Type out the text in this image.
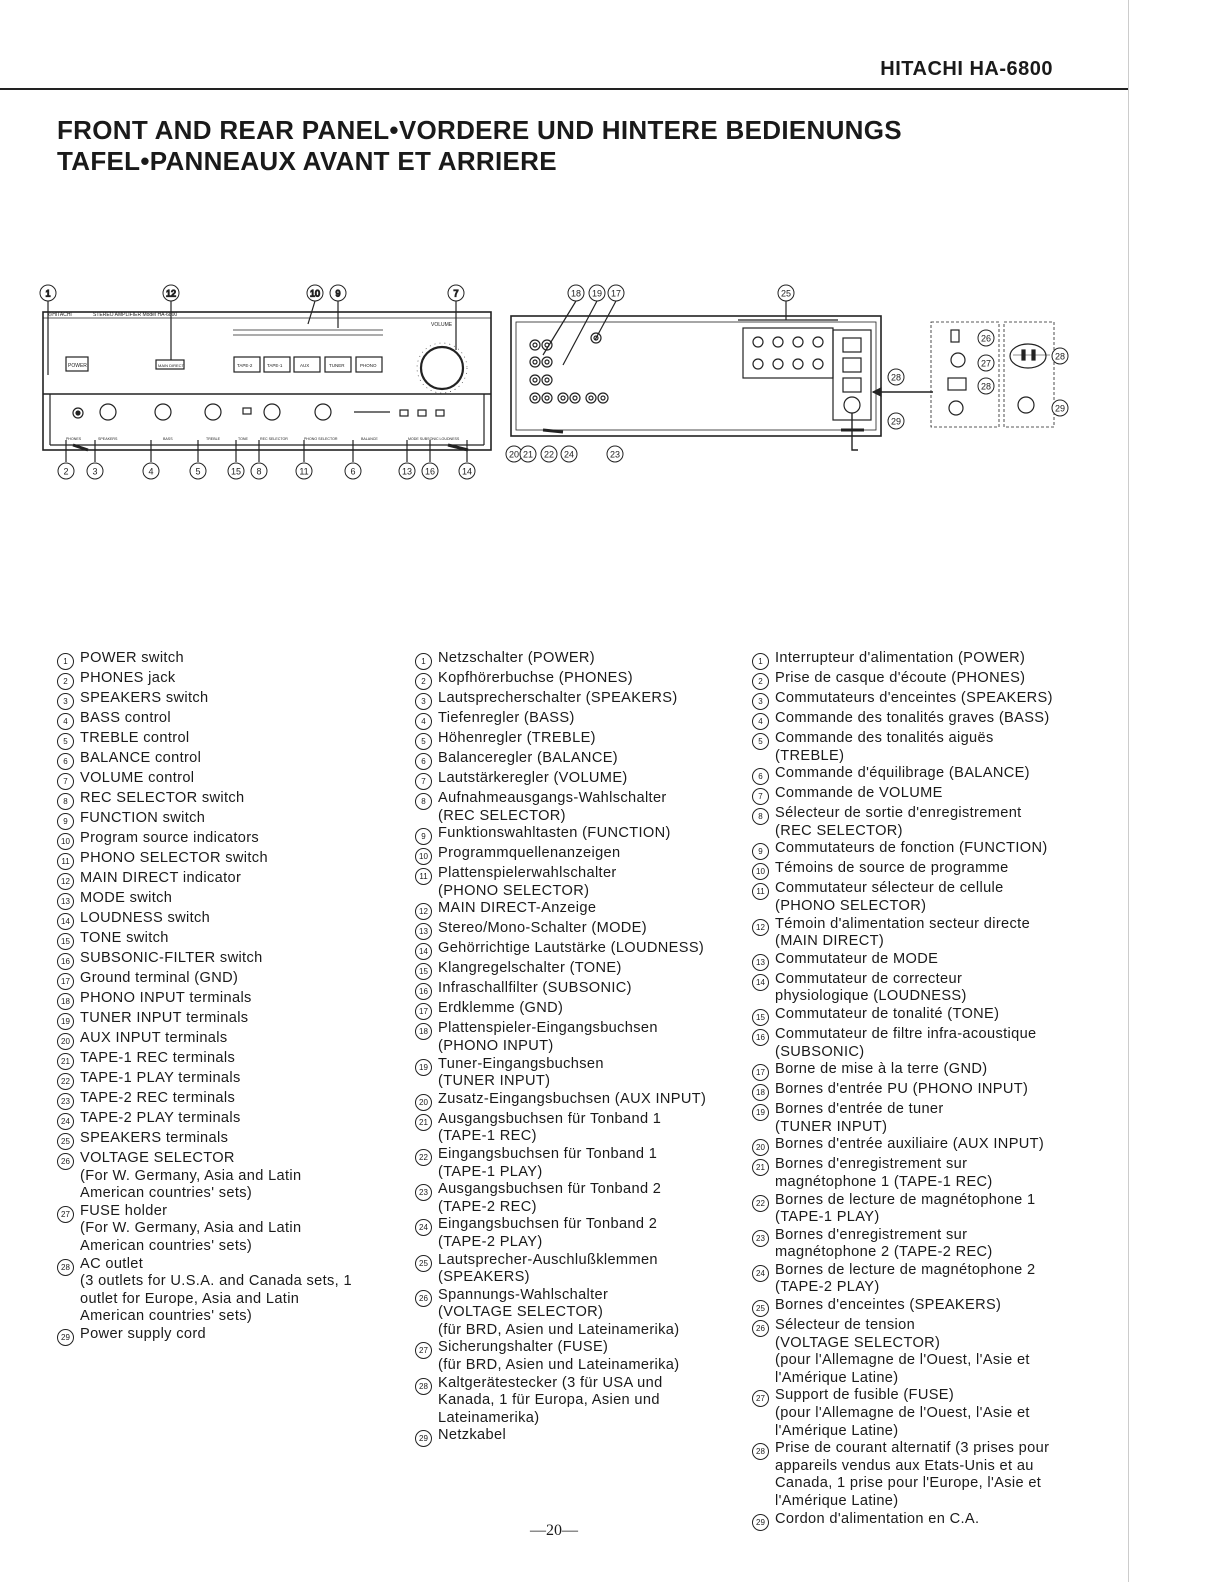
HITACHI HA-6800
FRONT AND REAR PANEL•VORDERE UND HINTERE BEDIENUNGS
TAFEL•PANNEAUX AVANT ET ARRIERE
1	12	10 9	7
⊙HITACHI	STEREO AMPLIFIER Model HA-6800
POWER	MAIN DIRECT
VOLUME
TAPE-2	TAPE-1	AUX	TUNER	PHONO
PHONES	SPEAKERS	BASS	TREBLE	TONE	REC SELECTOR	PHONO SELECTOR	BALANCE	MODE SUBSONIC LOUDNESS
2	3	4	5	15 8	11	6	13 16	14
18 19 17	25
20 21 22 24	23
28
29
26
27
28
28
29
1 POWER switch
2 PHONES jack
3 SPEAKERS switch
4 BASS control
5 TREBLE control
6 BALANCE control
7 VOLUME control
8 REC SELECTOR switch
9 FUNCTION switch
10 Program source indicators
11 PHONO SELECTOR switch
12 MAIN DIRECT indicator
13 MODE switch
14 LOUDNESS switch
15 TONE switch
16 SUBSONIC-FILTER switch
17 Ground terminal (GND)
18 PHONO INPUT terminals
19 TUNER INPUT terminals
20 AUX INPUT terminals
21 TAPE-1 REC terminals
22 TAPE-1 PLAY terminals
23 TAPE-2 REC terminals
24 TAPE-2 PLAY terminals
25 SPEAKERS terminals
26 VOLTAGE SELECTOR
(For W. Germany, Asia and Latin
American countries' sets)
27 FUSE holder
(For W. Germany, Asia and Latin
American countries' sets)
28 AC outlet
(3 outlets for U.S.A. and Canada sets, 1
outlet for Europe, Asia and Latin
American countries' sets)
29 Power supply cord
1 Netzschalter (POWER)
2 Kopfhörerbuchse (PHONES)
3 Lautsprecherschalter (SPEAKERS)
4 Tiefenregler (BASS)
5 Höhenregler (TREBLE)
6 Balanceregler (BALANCE)
7 Lautstärkeregler (VOLUME)
8 Aufnahmeausgangs-Wahlschalter
(REC SELECTOR)
9 Funktionswahltasten (FUNCTION)
10 Programmquellenanzeigen
11 Plattenspielerwahlschalter
(PHONO SELECTOR)
12 MAIN DIRECT-Anzeige
13 Stereo/Mono-Schalter (MODE)
14 Gehörrichtige Lautstärke (LOUDNESS)
15 Klangregelschalter (TONE)
16 Infraschallfilter (SUBSONIC)
17 Erdklemme (GND)
18 Plattenspieler-Eingangsbuchsen
(PHONO INPUT)
19 Tuner-Eingangsbuchsen
(TUNER INPUT)
20 Zusatz-Eingangsbuchsen (AUX INPUT)
21 Ausgangsbuchsen für Tonband 1
(TAPE-1 REC)
22 Eingangsbuchsen für Tonband 1
(TAPE-1 PLAY)
23 Ausgangsbuchsen für Tonband 2
(TAPE-2 REC)
24 Eingangsbuchsen für Tonband 2
(TAPE-2 PLAY)
25 Lautsprecher-Auschlußklemmen
(SPEAKERS)
26 Spannungs-Wahlschalter
(VOLTAGE SELECTOR)
(für BRD, Asien und Lateinamerika)
27 Sicherungshalter (FUSE)
(für BRD, Asien und Lateinamerika)
28 Kaltgerätestecker (3 für USA und
Kanada, 1 für Europa, Asien und
Lateinamerika)
29 Netzkabel
1 Interrupteur d'alimentation (POWER)
2 Prise de casque d'écoute (PHONES)
3 Commutateurs d'enceintes (SPEAKERS)
4 Commande des tonalités graves (BASS)
5 Commande des tonalités aiguës
(TREBLE)
6 Commande d'équilibrage (BALANCE)
7 Commande de VOLUME
8 Sélecteur de sortie d'enregistrement
(REC SELECTOR)
9 Commutateurs de fonction (FUNCTION)
10 Témoins de source de programme
11 Commutateur sélecteur de cellule
(PHONO SELECTOR)
12 Témoin d'alimentation secteur directe
(MAIN DIRECT)
13 Commutateur de MODE
14 Commutateur de correcteur
physiologique (LOUDNESS)
15 Commutateur de tonalité (TONE)
16 Commutateur de filtre infra-acoustique
(SUBSONIC)
17 Borne de mise à la terre (GND)
18 Bornes d'entrée PU (PHONO INPUT)
19 Bornes d'entrée de tuner
(TUNER INPUT)
20 Bornes d'entrée auxiliaire (AUX INPUT)
21 Bornes d'enregistrement sur
magnétophone 1 (TAPE-1 REC)
22 Bornes de lecture de magnétophone 1
(TAPE-1 PLAY)
23 Bornes d'enregistrement sur
magnétophone 2 (TAPE-2 REC)
24 Bornes de lecture de magnétophone 2
(TAPE-2 PLAY)
25 Bornes d'enceintes (SPEAKERS)
26 Sélecteur de tension
(VOLTAGE SELECTOR)
(pour l'Allemagne de l'Ouest, l'Asie et
l'Amérique Latine)
27 Support de fusible (FUSE)
(pour l'Allemagne de l'Ouest, l'Asie et
l'Amérique Latine)
28 Prise de courant alternatif (3 prises pour
appareils vendus aux Etats-Unis et au
Canada, 1 prise pour l'Europe, l'Asie et
l'Amérique Latine)
29 Cordon d'alimentation en C.A.
—20—
